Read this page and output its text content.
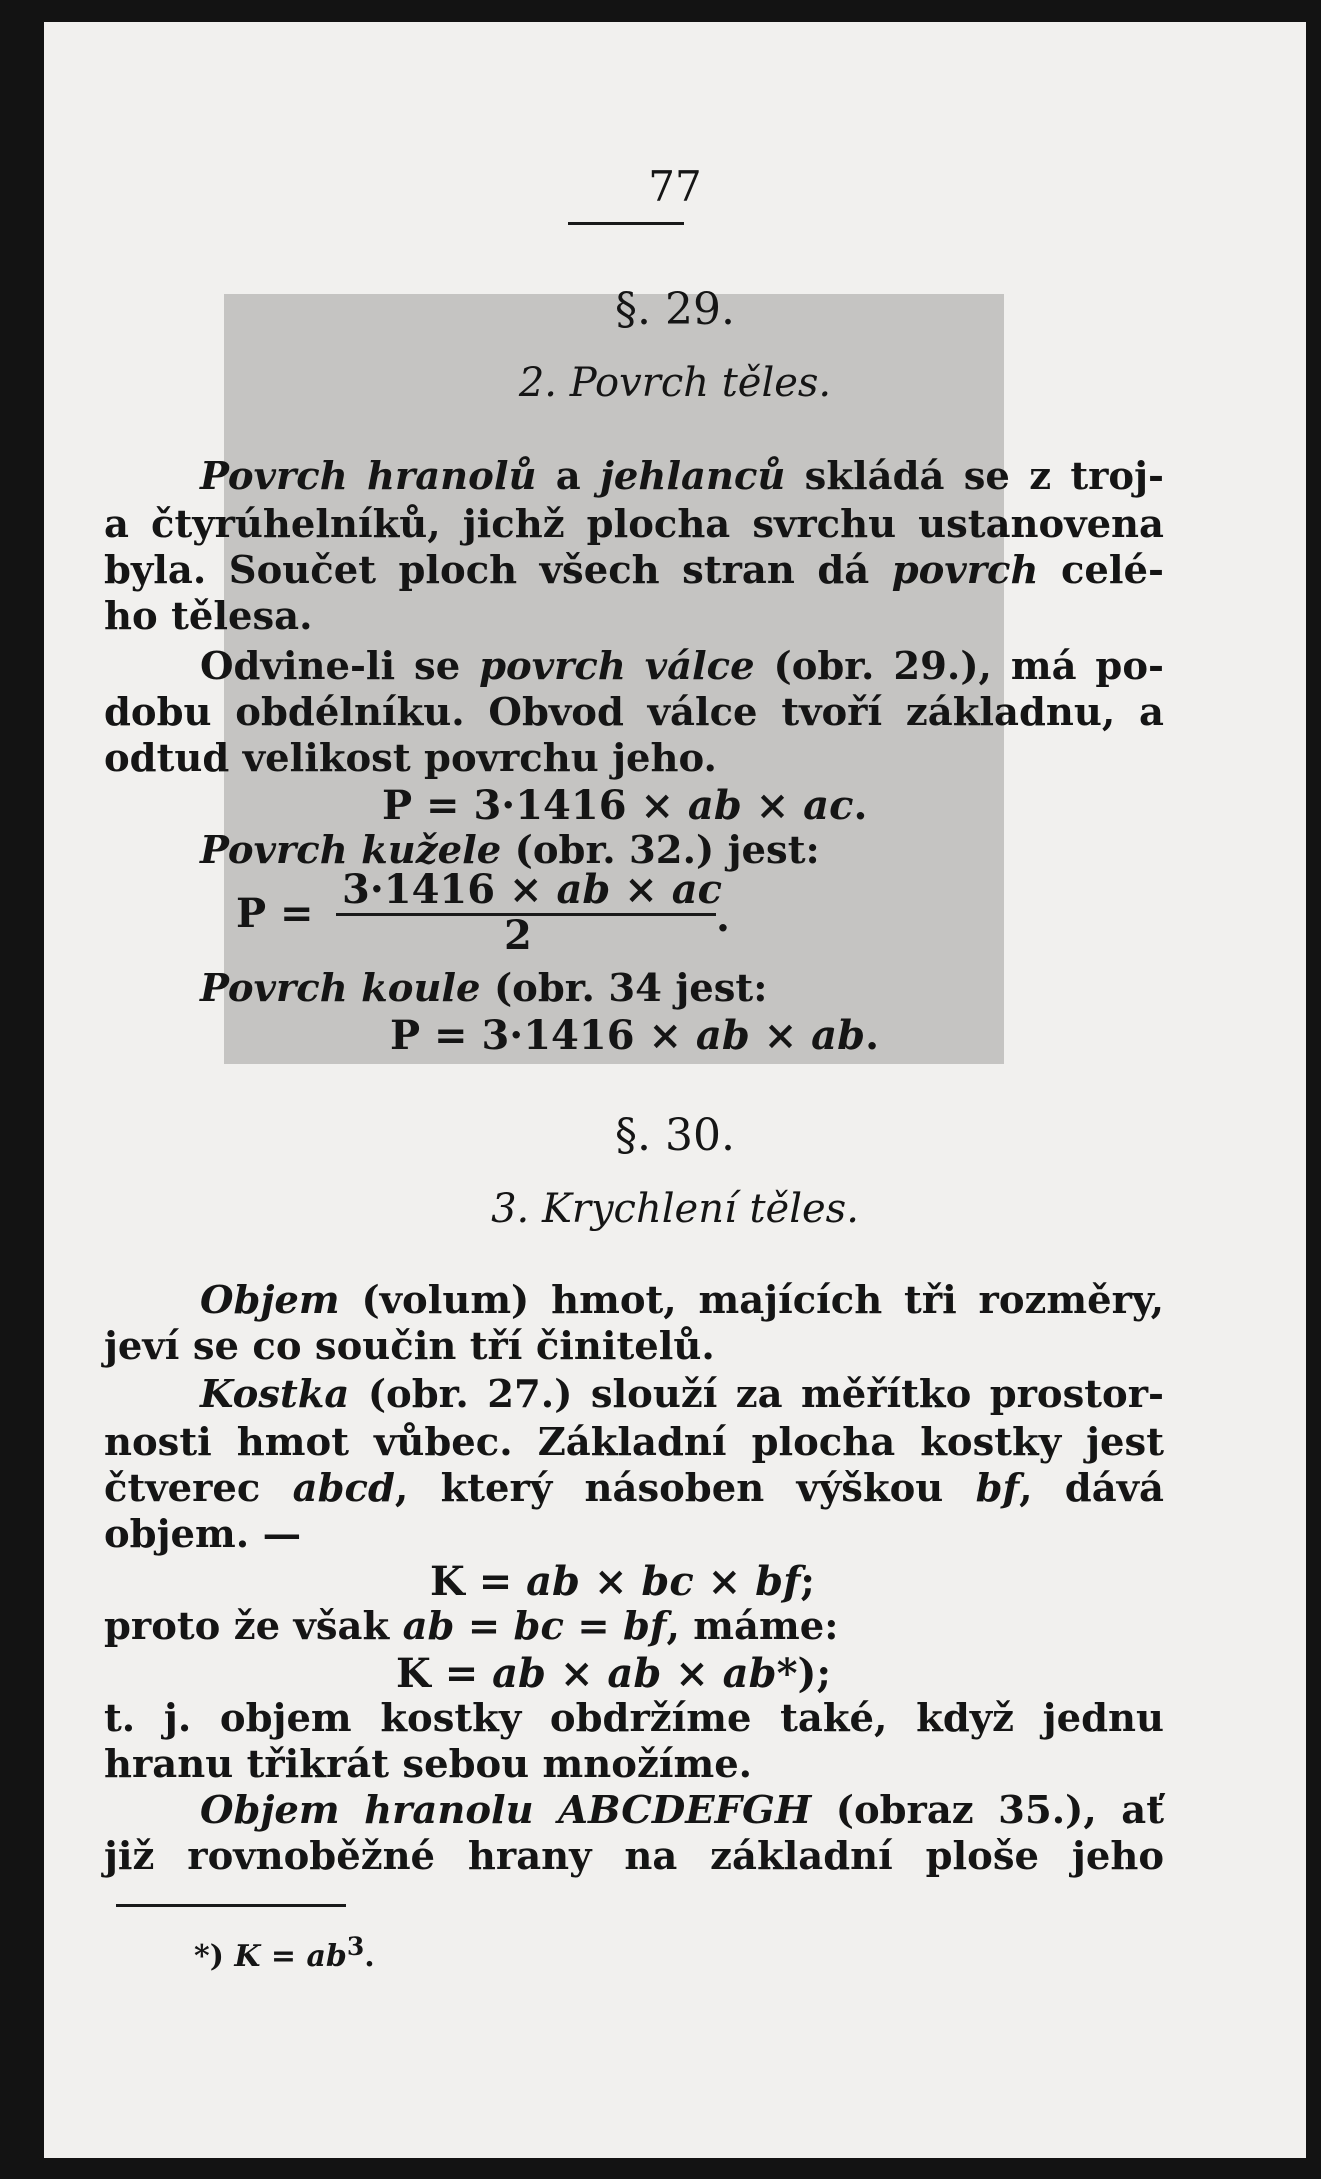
77
§. 29.
2. Povrch těles.
Povrch hranolů a jehlanců skládá se z troj-
a čtyrúhelníků, jichž plocha svrchu ustanovena
byla. Součet ploch všech stran dá povrch celé-
ho tělesa.
Odvine-li se povrch válce (obr. 29.), má po-
dobu obdélníku. Obvod válce tvoří základnu, a
odtud velikost povrchu jeho.
P = 3·1416 × ab × ac.
Povrch kužele (obr. 32.) jest:
P =
3·1416 × ab × ac
2	.
Povrch koule (obr. 34 jest:
P = 3·1416 × ab × ab.
§. 30.
3. Krychlení těles.
Objem (volum) hmot, majících tři rozměry,
jeví se co součin tří činitelů.
Kostka (obr. 27.) slouží za měřítko prostor-
nosti hmot vůbec. Základní plocha kostky jest
čtverec abcd, který násoben výškou bf, dává
objem. —
K = ab × bc × bf;
proto že však ab = bc = bf, máme:
K = ab × ab × ab*);
t. j. objem kostky obdržíme také, když jednu
hranu třikrát sebou množíme.
Objem hranolu ABCDEFGH (obraz 35.), ať
již rovnoběžné hrany na základní ploše jeho
*) $K = ab^3$.
